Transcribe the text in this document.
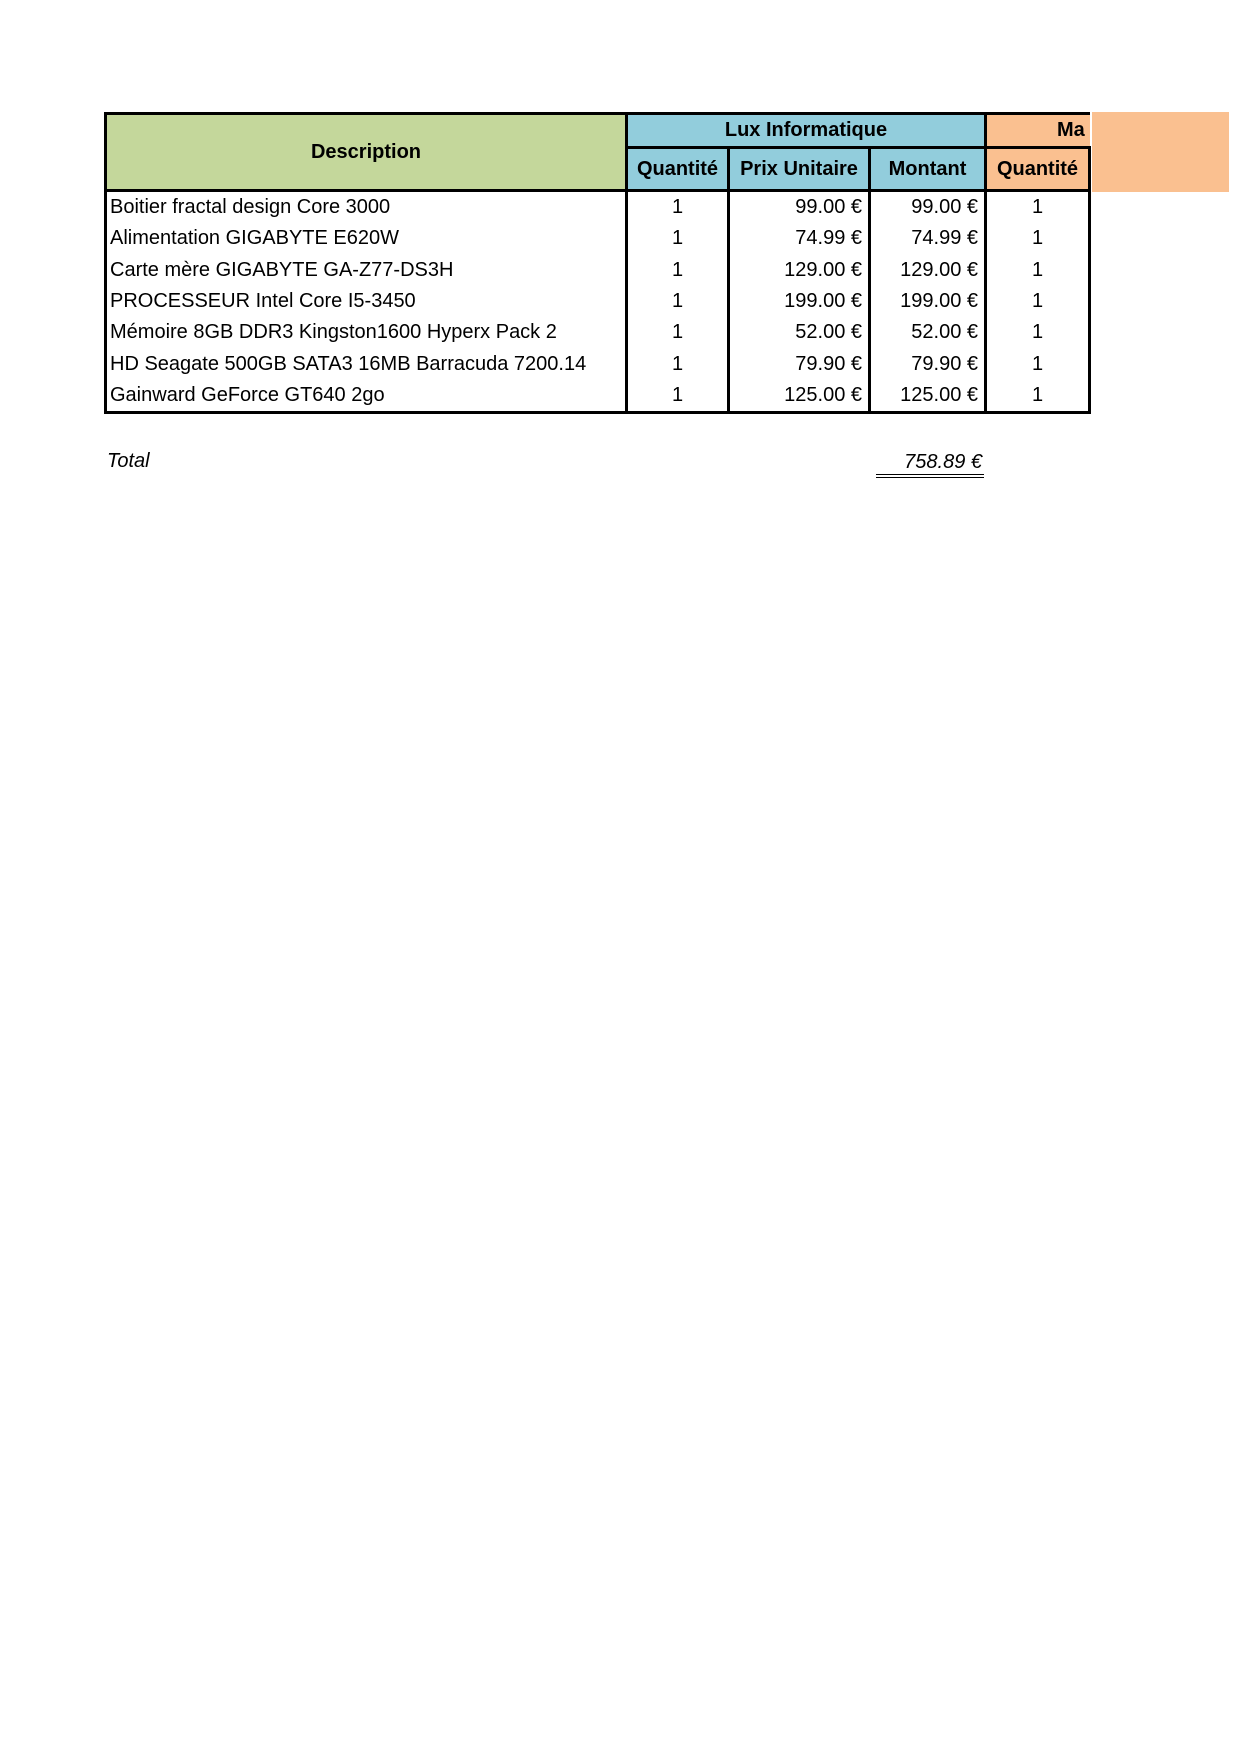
Description	Lux Informatique			Ma

	Quantité	Prix Unitaire	Montant	Quantité
Boitier fractal design Core 3000	1	99.00 €	99.00 €	1
Alimentation GIGABYTE E620W	1	74.99 €	74.99 €	1
Carte mère GIGABYTE GA-Z77-DS3H	1	129.00 €	129.00 €	1
PROCESSEUR Intel Core I5-3450	1	199.00 €	199.00 €	1
Mémoire 8GB DDR3 Kingston1600 Hyperx Pack 2	1	52.00 €	52.00 €	1
HD Seagate 500GB SATA3 16MB Barracuda 7200.14	1	79.90 €	79.90 €	1
Gainward GeForce GT640 2go	1	125.00 €	125.00 €	1
Total	758.89 €
